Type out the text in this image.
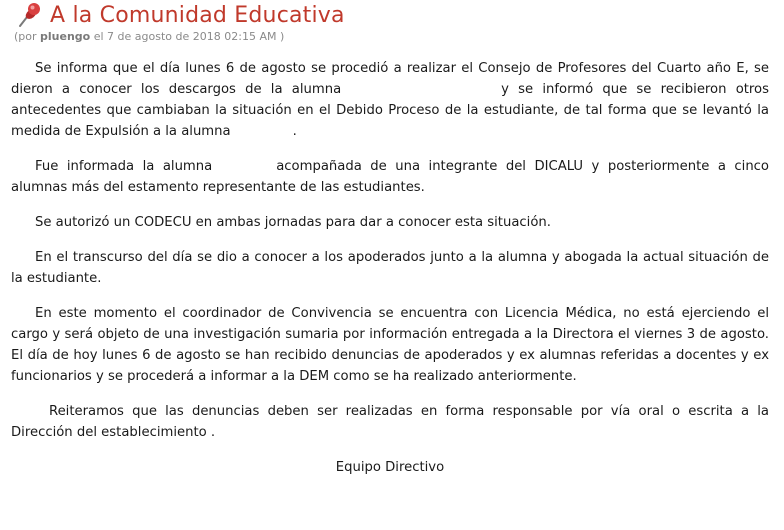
A la Comunidad Educativa
(por pluengo el 7 de agosto de 2018 02:15 AM )

Se informa que el día lunes 6 de agosto se procedió a realizar el Consejo de Profesores del Cuarto año E, se dieron a conocer los descargos de la alumna	y se informó que se recibieron otros antecedentes que cambiaban la situación en el Debido Proceso de la estudiante, de tal forma que se levantó la medida de Expulsión a la alumna	.

Fue informada la alumna	acompañada de una integrante del DICALU y posteriormente a cinco alumnas más del estamento representante de las estudiantes.

Se autorizó un CODECU en ambas jornadas para dar a conocer esta situación.

En el transcurso del día se dio a conocer a los apoderados junto a la alumna y abogada la actual situación de la estudiante.

En este momento el coordinador de Convivencia se encuentra con Licencia Médica, no está ejerciendo el cargo y será objeto de una investigación sumaria por información entregada a la Directora el viernes 3 de agosto. El día de hoy lunes 6 de agosto se han recibido denuncias de apoderados y ex alumnas referidas a docentes y ex funcionarios y se procederá a informar a la DEM como se ha realizado anteriormente.

Reiteramos que las denuncias deben ser realizadas en forma responsable por vía oral o escrita a la Dirección del establecimiento .

Equipo Directivo
